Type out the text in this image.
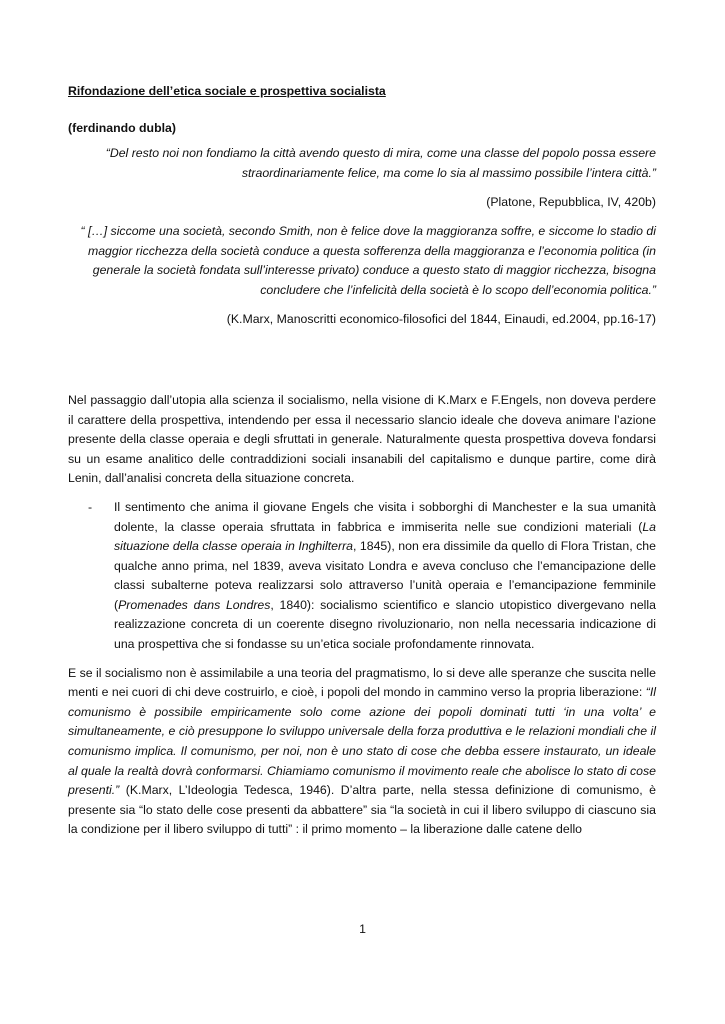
Rifondazione dell’etica sociale e prospettiva socialista

(ferdinando dubla)

“Del resto noi non fondiamo la città avendo questo di mira, come una classe del popolo possa essere straordinariamente felice, ma come lo sia al massimo possibile l’intera città.”

(Platone, Repubblica, IV, 420b)

“ […] siccome una società, secondo Smith, non è felice dove la maggioranza soffre, e siccome lo stadio di maggior ricchezza della società conduce a questa sofferenza della maggioranza e l’economia politica (in generale la società fondata sull’interesse privato) conduce a questo stato di maggior ricchezza, bisogna concludere che l’infelicità della società è lo scopo dell’economia politica.”

(K.Marx, Manoscritti economico-filosofici del 1844, Einaudi, ed.2004, pp.16-17)

Nel passaggio dall’utopia alla scienza il socialismo, nella visione di K.Marx e F.Engels, non doveva perdere il carattere della prospettiva, intendendo per essa il necessario slancio ideale che doveva animare l’azione presente della classe operaia e degli sfruttati in generale. Naturalmente questa prospettiva doveva fondarsi su un esame analitico delle contraddizioni sociali insanabili del capitalismo e dunque partire, come dirà Lenin, dall’analisi concreta della situazione concreta.

-	Il sentimento che anima il giovane Engels che visita i sobborghi di Manchester e la sua umanità dolente, la classe operaia sfruttata in fabbrica e immiserita nelle sue condizioni materiali (La situazione della classe operaia in Inghilterra, 1845), non era dissimile da quello di Flora Tristan, che qualche anno prima, nel 1839, aveva visitato Londra e aveva concluso che l’emancipazione delle classi subalterne poteva realizzarsi solo attraverso l’unità operaia e l’emancipazione femminile (Promenades dans Londres, 1840): socialismo scientifico e slancio utopistico divergevano nella realizzazione concreta di un coerente disegno rivoluzionario, non nella necessaria indicazione di una prospettiva che si fondasse su un’etica sociale profondamente rinnovata.

E se il socialismo non è assimilabile a una teoria del pragmatismo, lo si deve alle speranze che suscita nelle menti e nei cuori di chi deve costruirlo, e cioè, i popoli del mondo in cammino verso la propria liberazione: “Il comunismo è possibile empiricamente solo come azione dei popoli dominati tutti ‘in una volta’ e simultaneamente, e ciò presuppone lo sviluppo universale della forza produttiva e le relazioni mondiali che il comunismo implica. Il comunismo, per noi, non è uno stato di cose che debba essere instaurato, un ideale al quale la realtà dovrà conformarsi. Chiamiamo comunismo il movimento reale che abolisce lo stato di cose presenti.” (K.Marx, L’Ideologia Tedesca, 1946). D’altra parte, nella stessa definizione di comunismo, è presente sia “lo stato delle cose presenti da abbattere” sia “la società in cui il libero sviluppo di ciascuno sia la condizione per il libero sviluppo di tutti” : il primo momento – la liberazione dalle catene dello

1
